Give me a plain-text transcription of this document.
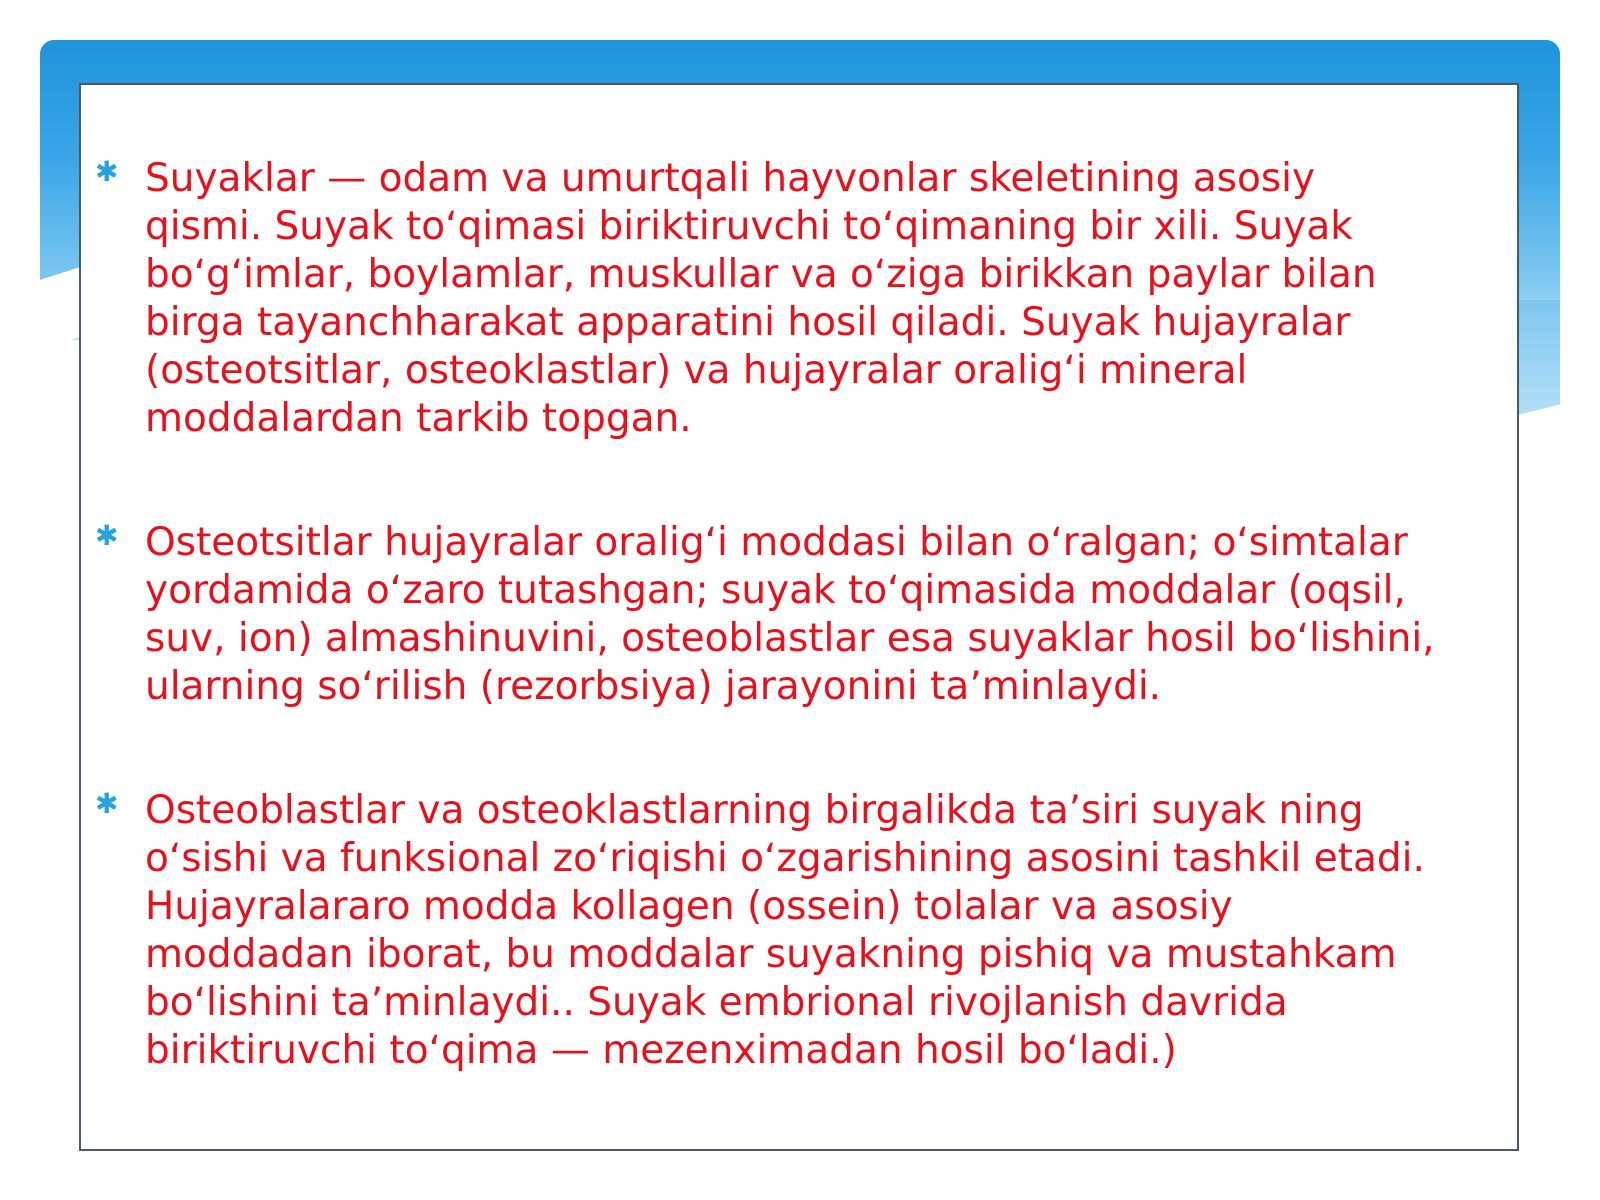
✱ Suyaklar — odam va umurtqali hayvonlar skeletining asosiy
qismi. Suyak toʻqimasi biriktiruvchi toʻqimaning bir xili. Suyak
boʻgʻimlar, boylamlar, muskullar va oʻziga birikkan paylar bilan
birga tayanchharakat apparatini hosil qiladi. Suyak hujayralar
(osteotsitlar, osteoklastlar) va hujayralar oraligʻi mineral
moddalardan tarkib topgan.

✱ Osteotsitlar hujayralar oraligʻi moddasi bilan oʻralgan; oʻsimtalar
yordamida oʻzaro tutashgan; suyak toʻqimasida moddalar (oqsil,
suv, ion) almashinuvini, osteoblastlar esa suyaklar hosil boʻlishini,
ularning soʻrilish (rezorbsiya) jarayonini taʼminlaydi.

✱ Osteoblastlar va osteoklastlarning birgalikda taʼsiri suyak ning
oʻsishi va funksional zoʻriqishi oʻzgarishining asosini tashkil etadi.
Hujayralararo modda kollagen (ossein) tolalar va asosiy
moddadan iborat, bu moddalar suyakning pishiq va mustahkam
boʻlishini taʼminlaydi.. Suyak embrional rivojlanish davrida
biriktiruvchi toʻqima — mezenximadan hosil boʻladi.)
